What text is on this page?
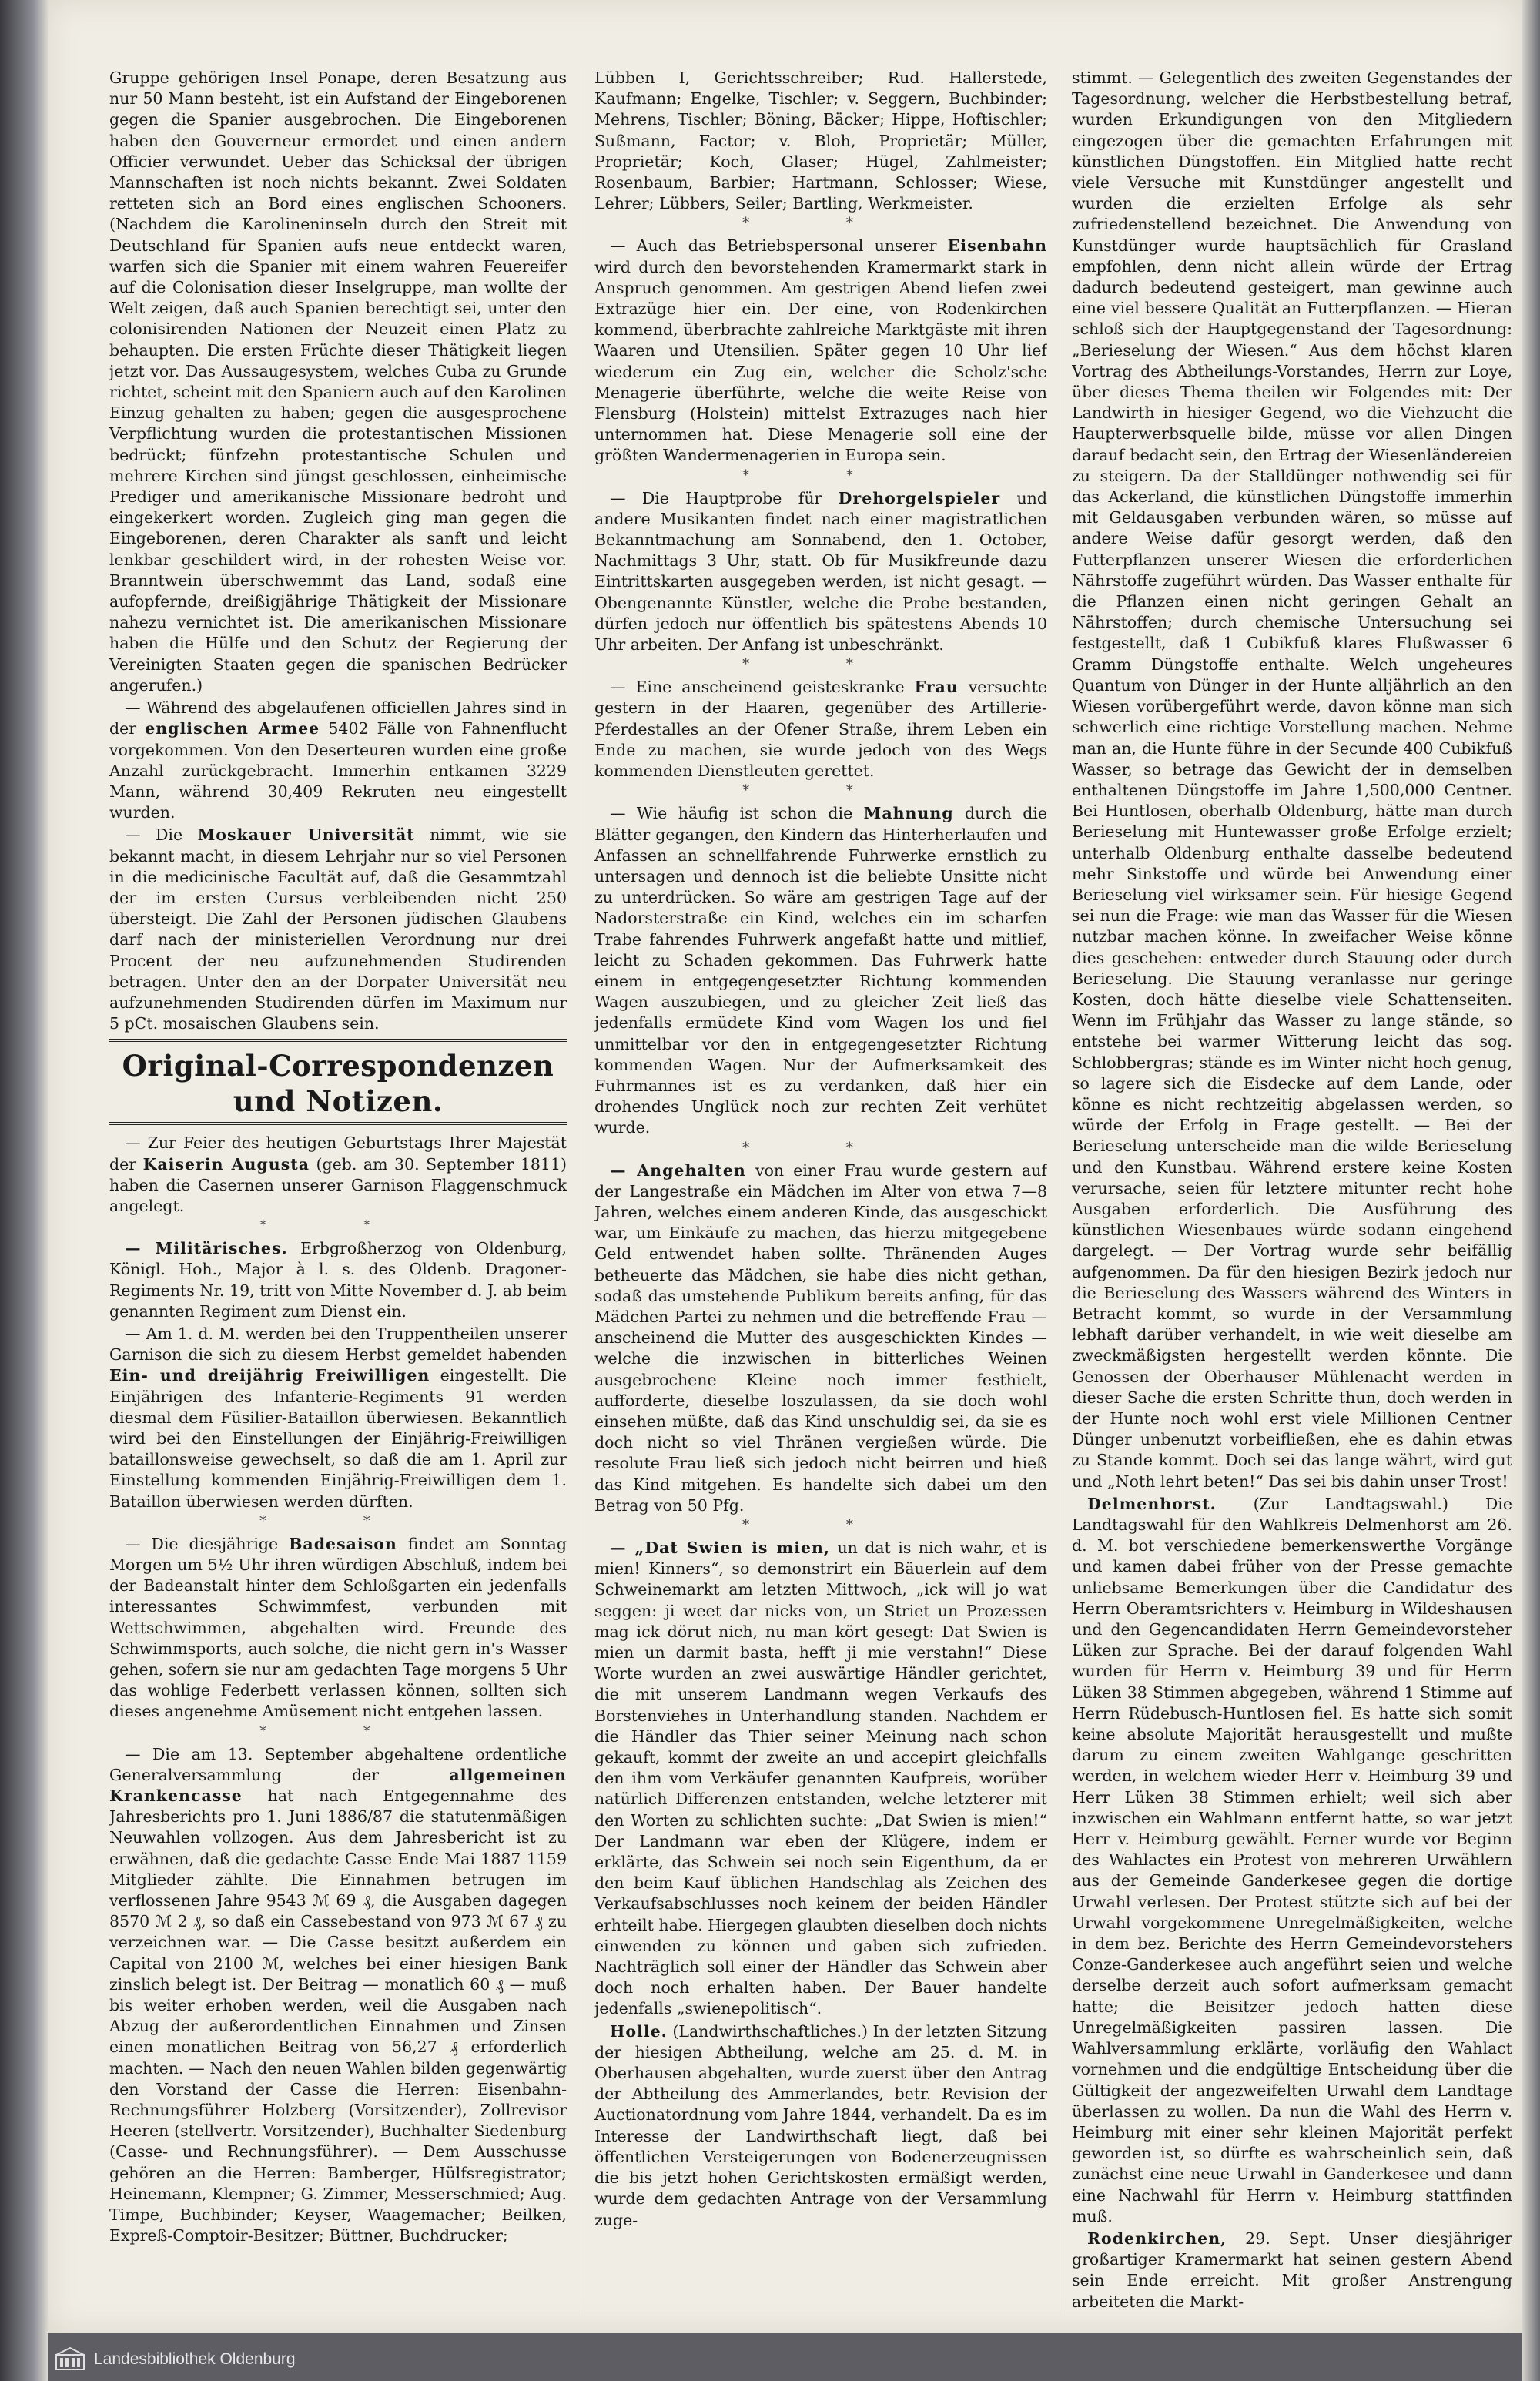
Gruppe gehörigen Insel Ponape, deren Besatzung aus nur 50 Mann besteht, ist ein Aufstand der Eingeborenen gegen die Spanier ausgebrochen. Die Eingeborenen haben den Gouverneur ermordet und einen andern Officier verwundet. Ueber das Schicksal der übrigen Mannschaften ist noch nichts bekannt. Zwei Soldaten retteten sich an Bord eines englischen Schooners. (Nachdem die Karolineninseln durch den Streit mit Deutschland für Spanien aufs neue entdeckt waren, warfen sich die Spanier mit einem wahren Feuereifer auf die Colonisation dieser Inselgruppe, man wollte der Welt zeigen, daß auch Spanien berechtigt sei, unter den colonisirenden Nationen der Neuzeit einen Platz zu behaupten. Die ersten Früchte dieser Thätigkeit liegen jetzt vor. Das Aussaugesystem, welches Cuba zu Grunde richtet, scheint mit den Spaniern auch auf den Karolinen Einzug gehalten zu haben; gegen die ausgesprochene Verpflichtung wurden die protestantischen Missionen bedrückt; fünfzehn protestantische Schulen und mehrere Kirchen sind jüngst geschlossen, einheimische Prediger und amerikanische Missionare bedroht und eingekerkert worden. Zugleich ging man gegen die Eingeborenen, deren Charakter als sanft und leicht lenkbar geschildert wird, in der rohesten Weise vor. Branntwein überschwemmt das Land, sodaß eine aufopfernde, dreißigjährige Thätigkeit der Missionare nahezu vernichtet ist. Die amerikanischen Missionare haben die Hülfe und den Schutz der Regierung der Vereinigten Staaten gegen die spanischen Bedrücker angerufen.)

— Während des abgelaufenen officiellen Jahres sind in der englischen Armee 5402 Fälle von Fahnenflucht vorgekommen. Von den Deserteuren wurden eine große Anzahl zurückgebracht. Immerhin entkamen 3229 Mann, während 30,409 Rekruten neu eingestellt wurden.

— Die Moskauer Universität nimmt, wie sie bekannt macht, in diesem Lehrjahr nur so viel Personen in die medicinische Facultät auf, daß die Gesammtzahl der im ersten Cursus verbleibenden nicht 250 übersteigt. Die Zahl der Personen jüdischen Glaubens darf nach der ministeriellen Verordnung nur drei Procent der neu aufzunehmenden Studirenden betragen. Unter den an der Dorpater Universität neu aufzunehmenden Studirenden dürfen im Maximum nur 5 pCt. mosaischen Glaubens sein.

Original-Correspondenzen und Notizen.

— Zur Feier des heutigen Geburtstags Ihrer Majestät der Kaiserin Augusta (geb. am 30. September 1811) haben die Casernen unserer Garnison Flaggenschmuck angelegt.

* *

— Militärisches. Erbgroßherzog von Oldenburg, Königl. Hoh., Major à l. s. des Oldenb. Dragoner-Regiments Nr. 19, tritt von Mitte November d. J. ab beim genannten Regiment zum Dienst ein.

— Am 1. d. M. werden bei den Truppentheilen unserer Garnison die sich zu diesem Herbst gemeldet habenden Ein- und dreijährig Freiwilligen eingestellt. Die Einjährigen des Infanterie-Regiments 91 werden diesmal dem Füsilier-Bataillon überwiesen. Bekanntlich wird bei den Einstellungen der Einjährig-Freiwilligen bataillonsweise gewechselt, so daß die am 1. April zur Einstellung kommenden Einjährig-Freiwilligen dem 1. Bataillon überwiesen werden dürften.

* *

— Die diesjährige Badesaison findet am Sonntag Morgen um 5½ Uhr ihren würdigen Abschluß, indem bei der Badeanstalt hinter dem Schloßgarten ein jedenfalls interessantes Schwimmfest, verbunden mit Wettschwimmen, abgehalten wird. Freunde des Schwimmsports, auch solche, die nicht gern in's Wasser gehen, sofern sie nur am gedachten Tage morgens 5 Uhr das wohlige Federbett verlassen können, sollten sich dieses angenehme Amüsement nicht entgehen lassen.

* *

— Die am 13. September abgehaltene ordentliche Generalversammlung der allgemeinen Krankencasse hat nach Entgegennahme des Jahresberichts pro 1. Juni 1886/87 die statutenmäßigen Neuwahlen vollzogen. Aus dem Jahresbericht ist zu erwähnen, daß die gedachte Casse Ende Mai 1887 1159 Mitglieder zählte. Die Einnahmen betrugen im verflossenen Jahre 9543 ℳ 69 ₰, die Ausgaben dagegen 8570 ℳ 2 ₰, so daß ein Cassebestand von 973 ℳ 67 ₰ zu verzeichnen war. — Die Casse besitzt außerdem ein Capital von 2100 ℳ, welches bei einer hiesigen Bank zinslich belegt ist. Der Beitrag — monatlich 60 ₰ — muß bis weiter erhoben werden, weil die Ausgaben nach Abzug der außerordentlichen Einnahmen und Zinsen einen monatlichen Beitrag von 56,27 ₰ erforderlich machten. — Nach den neuen Wahlen bilden gegenwärtig den Vorstand der Casse die Herren: Eisenbahn-Rechnungsführer Holzberg (Vorsitzender), Zollrevisor Heeren (stellvertr. Vorsitzender), Buchhalter Siedenburg (Casse- und Rechnungsführer). — Dem Ausschusse gehören an die Herren: Bamberger, Hülfsregistrator; Heinemann, Klempner; G. Zimmer, Messerschmied; Aug. Timpe, Buchbinder; Keyser, Waagemacher; Beilken, Expreß-Comptoir-Besitzer; Büttner, Buchdrucker;

Lübben I, Gerichtsschreiber; Rud. Hallerstede, Kaufmann; Engelke, Tischler; v. Seggern, Buchbinder; Mehrens, Tischler; Böning, Bäcker; Hippe, Hoftischler; Sußmann, Factor; v. Bloh, Proprietär; Müller, Proprietär; Koch, Glaser; Hügel, Zahlmeister; Rosenbaum, Barbier; Hartmann, Schlosser; Wiese, Lehrer; Lübbers, Seiler; Bartling, Werkmeister.

* *

— Auch das Betriebspersonal unserer Eisenbahn wird durch den bevorstehenden Kramermarkt stark in Anspruch genommen. Am gestrigen Abend liefen zwei Extrazüge hier ein. Der eine, von Rodenkirchen kommend, überbrachte zahlreiche Marktgäste mit ihren Waaren und Utensilien. Später gegen 10 Uhr lief wiederum ein Zug ein, welcher die Scholz'sche Menagerie überführte, welche die weite Reise von Flensburg (Holstein) mittelst Extrazuges nach hier unternommen hat. Diese Menagerie soll eine der größten Wandermenagerien in Europa sein.

* *

— Die Hauptprobe für Drehorgelspieler und andere Musikanten findet nach einer magistratlichen Bekanntmachung am Sonnabend, den 1. October, Nachmittags 3 Uhr, statt. Ob für Musikfreunde dazu Eintrittskarten ausgegeben werden, ist nicht gesagt. — Obengenannte Künstler, welche die Probe bestanden, dürfen jedoch nur öffentlich bis spätestens Abends 10 Uhr arbeiten. Der Anfang ist unbeschränkt.

* *

— Eine anscheinend geisteskranke Frau versuchte gestern in der Haaren, gegenüber des Artillerie-Pferdestalles an der Ofener Straße, ihrem Leben ein Ende zu machen, sie wurde jedoch von des Wegs kommenden Dienstleuten gerettet.

* *

— Wie häufig ist schon die Mahnung durch die Blätter gegangen, den Kindern das Hinterherlaufen und Anfassen an schnellfahrende Fuhrwerke ernstlich zu untersagen und dennoch ist die beliebte Unsitte nicht zu unterdrücken. So wäre am gestrigen Tage auf der Nadorsterstraße ein Kind, welches ein im scharfen Trabe fahrendes Fuhrwerk angefaßt hatte und mitlief, leicht zu Schaden gekommen. Das Fuhrwerk hatte einem in entgegengesetzter Richtung kommenden Wagen auszubiegen, und zu gleicher Zeit ließ das jedenfalls ermüdete Kind vom Wagen los und fiel unmittelbar vor den in entgegengesetzter Richtung kommenden Wagen. Nur der Aufmerksamkeit des Fuhrmannes ist es zu verdanken, daß hier ein drohendes Unglück noch zur rechten Zeit verhütet wurde.

* *

— Angehalten von einer Frau wurde gestern auf der Langestraße ein Mädchen im Alter von etwa 7—8 Jahren, welches einem anderen Kinde, das ausgeschickt war, um Einkäufe zu machen, das hierzu mitgegebene Geld entwendet haben sollte. Thränenden Auges betheuerte das Mädchen, sie habe dies nicht gethan, sodaß das umstehende Publikum bereits anfing, für das Mädchen Partei zu nehmen und die betreffende Frau — anscheinend die Mutter des ausgeschickten Kindes — welche die inzwischen in bitterliches Weinen ausgebrochene Kleine noch immer festhielt, aufforderte, dieselbe loszulassen, da sie doch wohl einsehen müßte, daß das Kind unschuldig sei, da sie es doch nicht so viel Thränen vergießen würde. Die resolute Frau ließ sich jedoch nicht beirren und hieß das Kind mitgehen. Es handelte sich dabei um den Betrag von 50 Pfg.

* *

— „Dat Swien is mien, un dat is nich wahr, et is mien! Kinners“, so demonstrirt ein Bäuerlein auf dem Schweinemarkt am letzten Mittwoch, „ick will jo wat seggen: ji weet dar nicks von, un Striet un Prozessen mag ick dörut nich, nu man kört gesegt: Dat Swien is mien un darmit basta, hefft ji mie verstahn!“ Diese Worte wurden an zwei auswärtige Händler gerichtet, die mit unserem Landmann wegen Verkaufs des Borstenviehes in Unterhandlung standen. Nachdem er die Händler das Thier seiner Meinung nach schon gekauft, kommt der zweite an und accepirt gleichfalls den ihm vom Verkäufer genannten Kaufpreis, worüber natürlich Differenzen entstanden, welche letzterer mit den Worten zu schlichten suchte: „Dat Swien is mien!“ Der Landmann war eben der Klügere, indem er erklärte, das Schwein sei noch sein Eigenthum, da er den beim Kauf üblichen Handschlag als Zeichen des Verkaufsabschlusses noch keinem der beiden Händler erhteilt habe. Hiergegen glaubten dieselben doch nichts einwenden zu können und gaben sich zufrieden. Nachträglich soll einer der Händler das Schwein aber doch noch erhalten haben. Der Bauer handelte jedenfalls „swienepolitisch“.

Holle. (Landwirthschaftliches.) In der letzten Sitzung der hiesigen Abtheilung, welche am 25. d. M. in Oberhausen abgehalten, wurde zuerst über den Antrag der Abtheilung des Ammerlandes, betr. Revision der Auctionatordnung vom Jahre 1844, verhandelt. Da es im Interesse der Landwirthschaft liegt, daß bei öffentlichen Versteigerungen von Bodenerzeugnissen die bis jetzt hohen Gerichtskosten ermäßigt werden, wurde dem gedachten Antrage von der Versammlung zuge-

stimmt. — Gelegentlich des zweiten Gegenstandes der Tagesordnung, welcher die Herbstbestellung betraf, wurden Erkundigungen von den Mitgliedern eingezogen über die gemachten Erfahrungen mit künstlichen Düngstoffen. Ein Mitglied hatte recht viele Versuche mit Kunstdünger angestellt und wurden die erzielten Erfolge als sehr zufriedenstellend bezeichnet. Die Anwendung von Kunstdünger wurde hauptsächlich für Grasland empfohlen, denn nicht allein würde der Ertrag dadurch bedeutend gesteigert, man gewinne auch eine viel bessere Qualität an Futterpflanzen. — Hieran schloß sich der Hauptgegenstand der Tagesordnung: „Berieselung der Wiesen.“ Aus dem höchst klaren Vortrag des Abtheilungs-Vorstandes, Herrn zur Loye, über dieses Thema theilen wir Folgendes mit: Der Landwirth in hiesiger Gegend, wo die Viehzucht die Haupterwerbsquelle bilde, müsse vor allen Dingen darauf bedacht sein, den Ertrag der Wiesenländereien zu steigern. Da der Stalldünger nothwendig sei für das Ackerland, die künstlichen Düngstoffe immerhin mit Geldausgaben verbunden wären, so müsse auf andere Weise dafür gesorgt werden, daß den Futterpflanzen unserer Wiesen die erforderlichen Nährstoffe zugeführt würden. Das Wasser enthalte für die Pflanzen einen nicht geringen Gehalt an Nährstoffen; durch chemische Untersuchung sei festgestellt, daß 1 Cubikfuß klares Flußwasser 6 Gramm Düngstoffe enthalte. Welch ungeheures Quantum von Dünger in der Hunte alljährlich an den Wiesen vorübergeführt werde, davon könne man sich schwerlich eine richtige Vorstellung machen. Nehme man an, die Hunte führe in der Secunde 400 Cubikfuß Wasser, so betrage das Gewicht der in demselben enthaltenen Düngstoffe im Jahre 1,500,000 Centner. Bei Huntlosen, oberhalb Oldenburg, hätte man durch Berieselung mit Huntewasser große Erfolge erzielt; unterhalb Oldenburg enthalte dasselbe bedeutend mehr Sinkstoffe und würde bei Anwendung einer Berieselung viel wirksamer sein. Für hiesige Gegend sei nun die Frage: wie man das Wasser für die Wiesen nutzbar machen könne. In zweifacher Weise könne dies geschehen: entweder durch Stauung oder durch Berieselung. Die Stauung veranlasse nur geringe Kosten, doch hätte dieselbe viele Schattenseiten. Wenn im Frühjahr das Wasser zu lange stände, so entstehe bei warmer Witterung leicht das sog. Schlobbergras; stände es im Winter nicht hoch genug, so lagere sich die Eisdecke auf dem Lande, oder könne es nicht rechtzeitig abgelassen werden, so würde der Erfolg in Frage gestellt. — Bei der Berieselung unterscheide man die wilde Berieselung und den Kunstbau. Während erstere keine Kosten verursache, seien für letztere mitunter recht hohe Ausgaben erforderlich. Die Ausführung des künstlichen Wiesenbaues würde sodann eingehend dargelegt. — Der Vortrag wurde sehr beifällig aufgenommen. Da für den hiesigen Bezirk jedoch nur die Berieselung des Wassers während des Winters in Betracht kommt, so wurde in der Versammlung lebhaft darüber verhandelt, in wie weit dieselbe am zweckmäßigsten hergestellt werden könnte. Die Genossen der Oberhauser Mühlenacht werden in dieser Sache die ersten Schritte thun, doch werden in der Hunte noch wohl erst viele Millionen Centner Dünger unbenutzt vorbeifließen, ehe es dahin etwas zu Stande kommt. Doch sei das lange währt, wird gut und „Noth lehrt beten!“ Das sei bis dahin unser Trost!

Delmenhorst. (Zur Landtagswahl.) Die Landtagswahl für den Wahlkreis Delmenhorst am 26. d. M. bot verschiedene bemerkenswerthe Vorgänge und kamen dabei früher von der Presse gemachte unliebsame Bemerkungen über die Candidatur des Herrn Oberamtsrichters v. Heimburg in Wildeshausen und den Gegencandidaten Herrn Gemeindevorsteher Lüken zur Sprache. Bei der darauf folgenden Wahl wurden für Herrn v. Heimburg 39 und für Herrn Lüken 38 Stimmen abgegeben, während 1 Stimme auf Herrn Rüdebusch-Huntlosen fiel. Es hatte sich somit keine absolute Majorität herausgestellt und mußte darum zu einem zweiten Wahlgange geschritten werden, in welchem wieder Herr v. Heimburg 39 und Herr Lüken 38 Stimmen erhielt; weil sich aber inzwischen ein Wahlmann entfernt hatte, so war jetzt Herr v. Heimburg gewählt. Ferner wurde vor Beginn des Wahlactes ein Protest von mehreren Urwählern aus der Gemeinde Ganderkesee gegen die dortige Urwahl verlesen. Der Protest stützte sich auf bei der Urwahl vorgekommene Unregelmäßigkeiten, welche in dem bez. Berichte des Herrn Gemeindevorstehers Conze-Ganderkesee auch angeführt seien und welche derselbe derzeit auch sofort aufmerksam gemacht hatte; die Beisitzer jedoch hatten diese Unregelmäßigkeiten passiren lassen. Die Wahlversammlung erklärte, vorläufig den Wahlact vornehmen und die endgültige Entscheidung über die Gültigkeit der angezweifelten Urwahl dem Landtage überlassen zu wollen. Da nun die Wahl des Herrn v. Heimburg mit einer sehr kleinen Majorität perfekt geworden ist, so dürfte es wahrscheinlich sein, daß zunächst eine neue Urwahl in Ganderkesee und dann eine Nachwahl für Herrn v. Heimburg stattfinden muß.

Rodenkirchen, 29. Sept. Unser diesjähriger großartiger Kramermarkt hat seinen gestern Abend sein Ende erreicht. Mit großer Anstrengung arbeiteten die Markt-

Landesbibliothek Oldenburg
